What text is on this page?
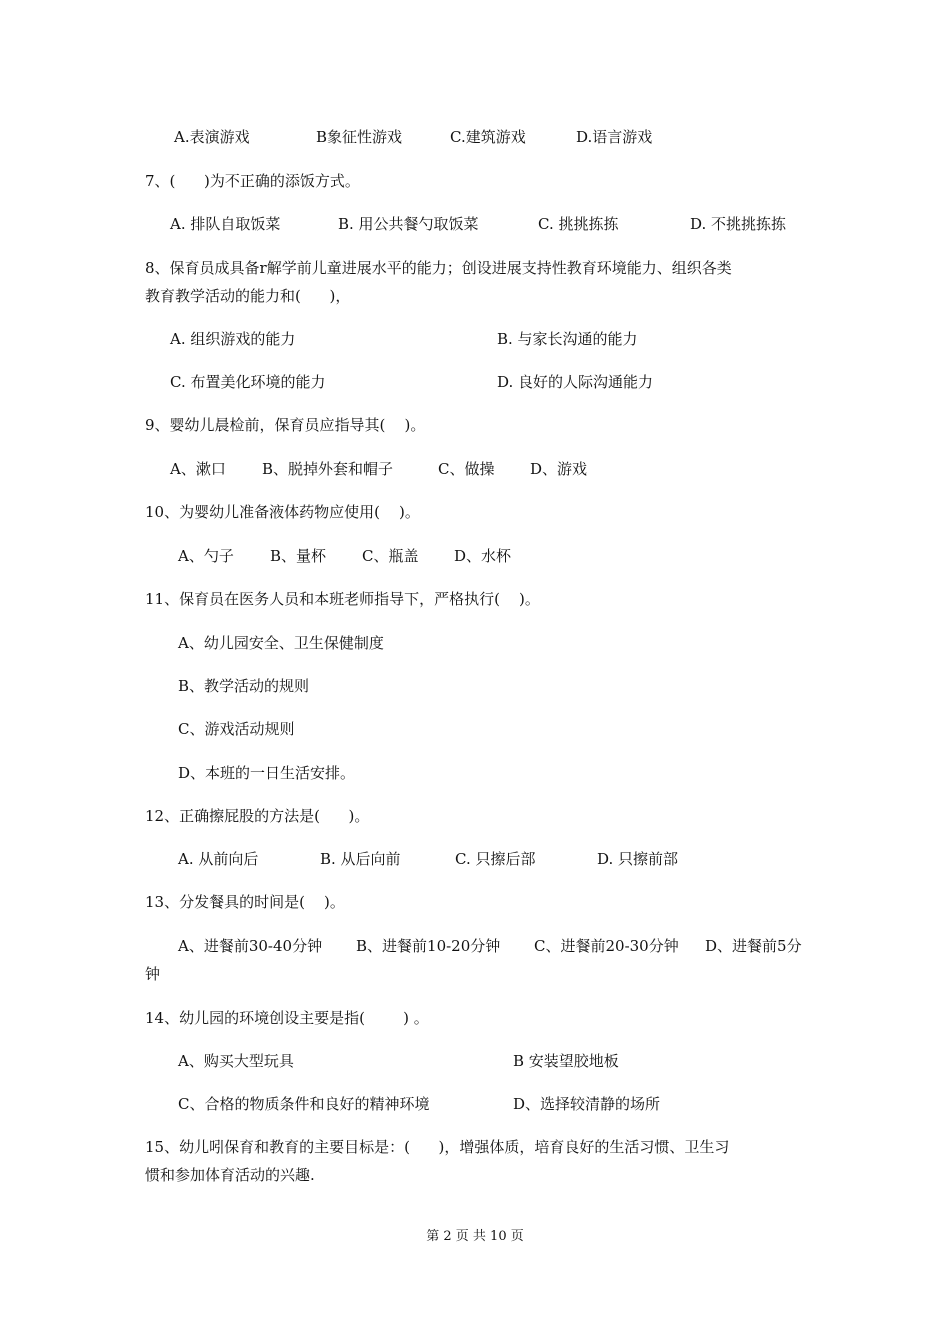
A.表演游戏	B象征性游戏	C.建筑游戏	D.语言游戏
7、(      )为不正确的添饭方式。
A. 排队自取饭菜	B. 用公共餐勺取饭菜	C. 挑挑拣拣	D. 不挑挑拣拣
8、保育员成具备r解学前儿童进展水平的能力；创设进展支持性教育环境能力、组织各类
教育教学活动的能力和(      )，
A. 组织游戏的能力	B. 与家长沟通的能力
C. 布置美化环境的能力	D. 良好的人际沟通能力
9、婴幼儿晨检前，保育员应指导其(    )。
A、漱口 B、脱掉外套和帽子	C、做操 D、游戏
10、为婴幼儿准备液体药物应使用(    )。
A、勺子 B、量杯 C、瓶盖 D、水杯
11、保育员在医务人员和本班老师指导下，严格执行(    )。
A、幼儿园安全、卫生保健制度
B、教学活动的规则
C、游戏活动规则
D、本班的一日生活安排。
12、正确擦屁股的方法是(      )。
A. 从前向后	B. 从后向前	C. 只擦后部	D. 只擦前部
13、分发餐具的时间是(    )。
A、进餐前30-40分钟 B、进餐前10-20分钟 C、进餐前20-30分钟 D、进餐前5分
钟
14、幼儿园的环境创设主要是指(        ) 。
A、购买大型玩具	B 安装望胶地板
C、合格的物质条件和良好的精神环境	D、选择较清静的场所
15、幼儿吲保育和教育的主要目标是：(      )，增强体质，培育良好的生活习惯、卫生习
惯和参加体育活动的兴趣.
第 2 页 共 10 页
